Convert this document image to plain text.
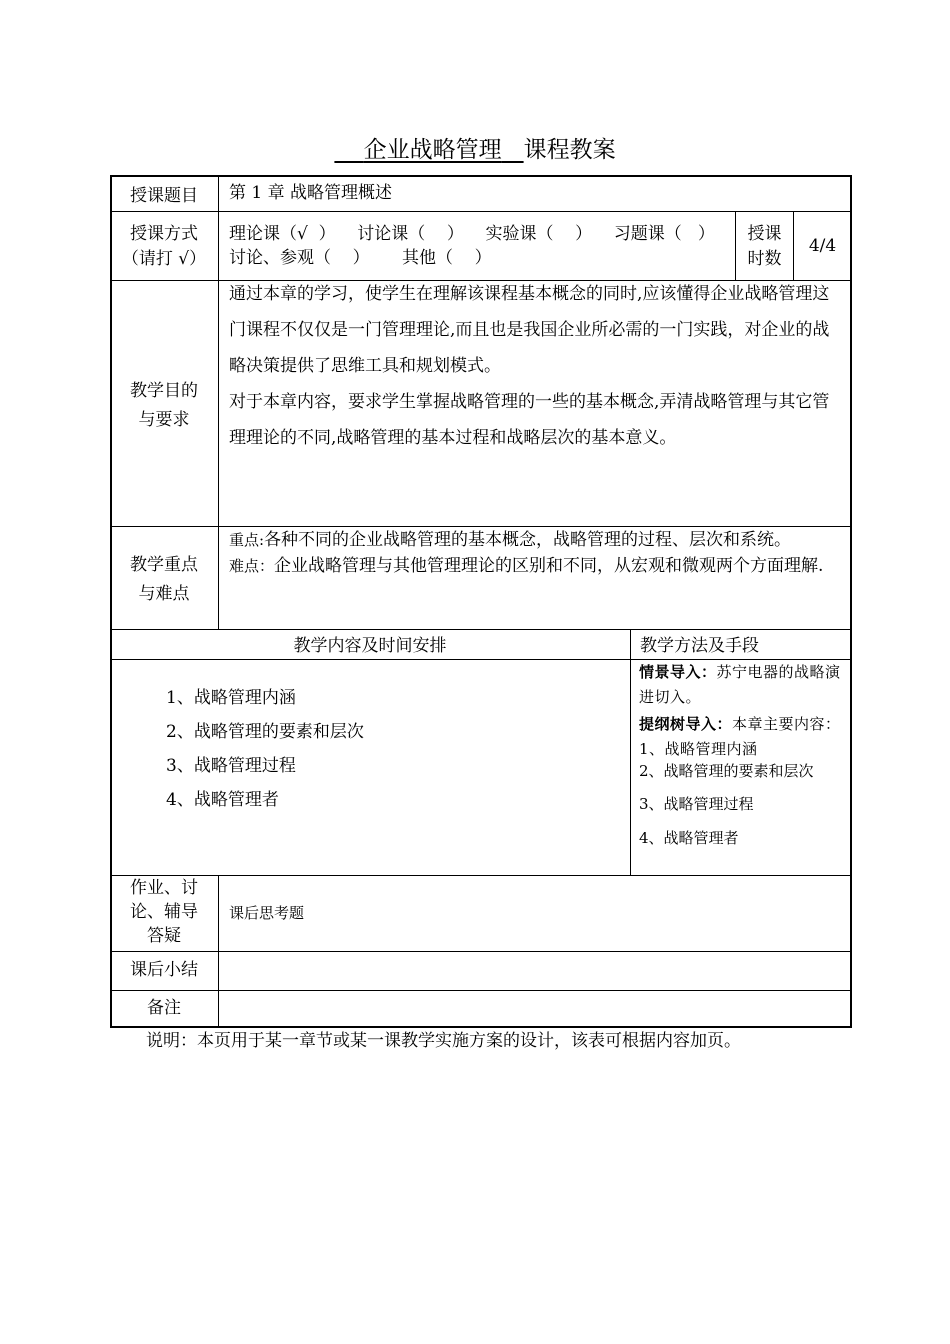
企业战略管理 课程教案
授课题目	第 1 章 战略管理概述
授课方式
（请打 √）
理论课（√  ）    讨论课（    ）    实验课（    ）    习题课（   ）
讨论、参观（    ）      其他（    ）
授课
时数
4/4
教学目的
与要求
通过本章的学习，使学生在理解该课程基本概念的同时,应该懂得企业战略管理这门课程不仅仅是一门管理理论,而且也是我国企业所必需的一门实践，对企业的战略决策提供了思维工具和规划模式。
对于本章内容，要求学生掌握战略管理的一些的基本概念,弄清战略管理与其它管理理论的不同,战略管理的基本过程和战略层次的基本意义。
教学重点
与难点
重点:各种不同的企业战略管理的基本概念，战略管理的过程、层次和系统。
难点：企业战略管理与其他管理理论的区别和不同，从宏观和微观两个方面理解.
教学内容及时间安排	教学方法及手段
1、战略管理内涵
2、战略管理的要素和层次
3、战略管理过程
4、战略管理者
情景导入：苏宁电器的战略演进切入。
提纲树导入：本章主要内容：1、战略管理内涵
2、战略管理的要素和层次
3、战略管理过程
4、战略管理者
作业、讨
论、辅导
答疑
课后思考题
课后小结
备注
说明：本页用于某一章节或某一课教学实施方案的设计，该表可根据内容加页。
